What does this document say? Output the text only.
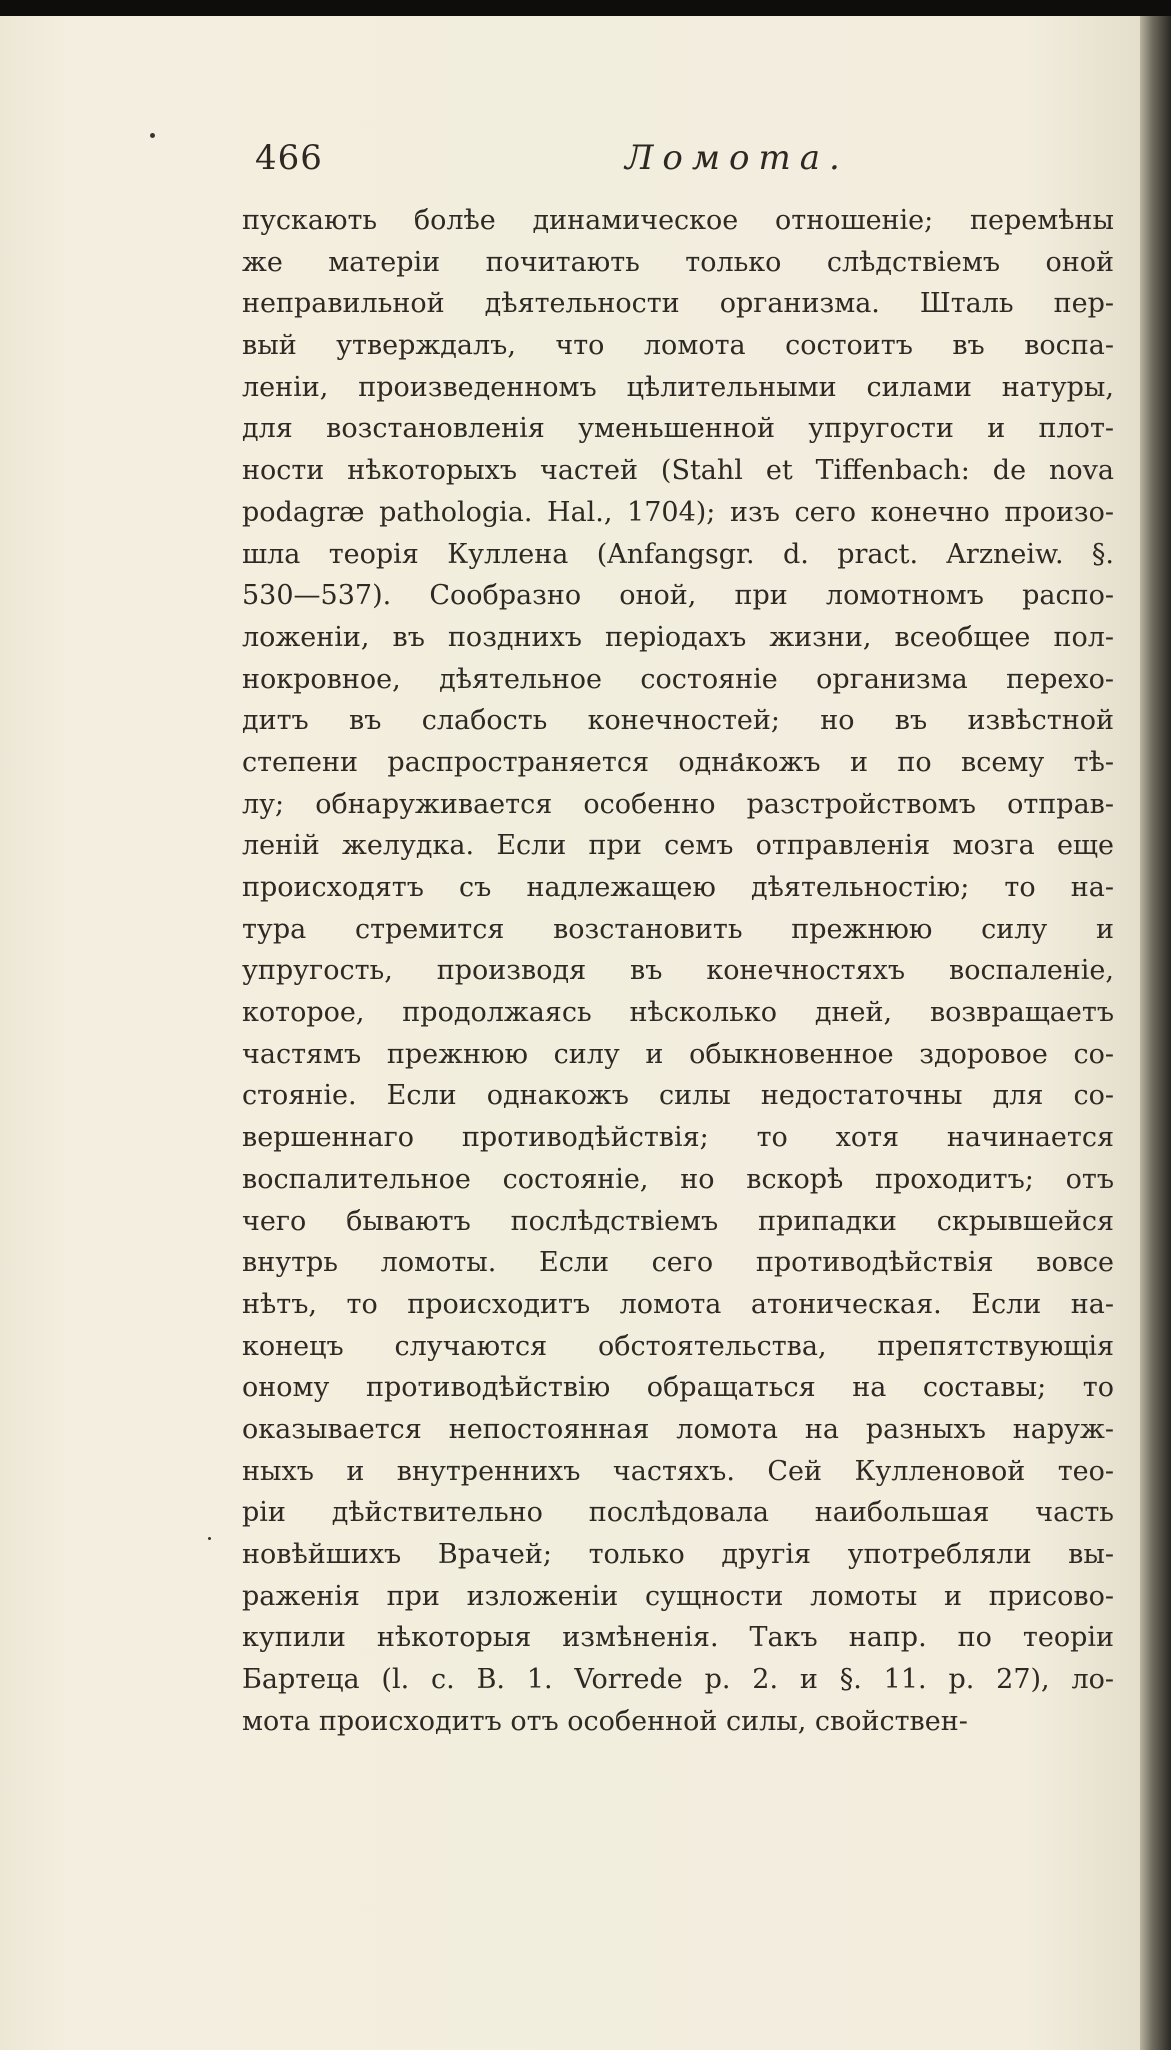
466	Ломота.
пускають болѣе динамическое отношеніе; перемѣны
же матеріи почитають только слѣдствіемъ оной
неправильной дѣятельности организма. Шталь пер-
вый утверждалъ, что ломота состоитъ въ воспа-
леніи, произведенномъ цѣлительными силами натуры,
для возстановленія уменьшенной упругости и плот-
ности нѣкоторыхъ частей (Stahl et Tiffenbach: de nova
podagræ pathologia. Hal., 1704); изъ сего конечно произо-
шла теорія Куллена (Anfangsgr. d. pract. Arzneiw. §.
530—537). Сообразно оной, при ломотномъ распо-
ложеніи, въ позднихъ періодахъ жизни, всеобщее пол-
нокровное, дѣятельное состояніе организма перехо-
дитъ въ слабость конечностей; но въ извѣстной
степени распространяется однакожъ и по всему тѣ-
лу; обнаруживается особенно разстройствомъ отправ-
леній желудка. Если при семъ отправленія мозга еще
происходятъ съ надлежащею дѣятельностію; то на-
тура стремится возстановить прежнюю силу и
упругость, производя въ конечностяхъ воспаленіе,
которое, продолжаясь нѣсколько дней, возвращаетъ
частямъ прежнюю силу и обыкновенное здоровое со-
стояніе. Если однакожъ силы недостаточны для со-
вершеннаго противодѣйствія; то хотя начинается
воспалительное состояніе, но вскорѣ проходитъ; отъ
чего бываютъ послѣдствіемъ припадки скрывшейся
внутрь ломоты. Если сего противодѣйствія вовсе
нѣтъ, то происходитъ ломота атоническая. Если на-
конецъ случаются обстоятельства, препятствующія
оному противодѣйствію обращаться на составы; то
оказывается непостоянная ломота на разныхъ наруж-
ныхъ и внутреннихъ частяхъ. Сей Кулленовой тео-
ріи дѣйствительно послѣдовала наибольшая часть
новѣйшихъ Врачей; только другія употребляли вы-
раженія при изложеніи сущности ломоты и присово-
купили нѣкоторыя измѣненія. Такъ напр. по теоріи
Бартеца (l. c. B. 1. Vorrede p. 2. и §. 11. p. 27), ло-
мота происходитъ отъ особенной силы, свойствен-
